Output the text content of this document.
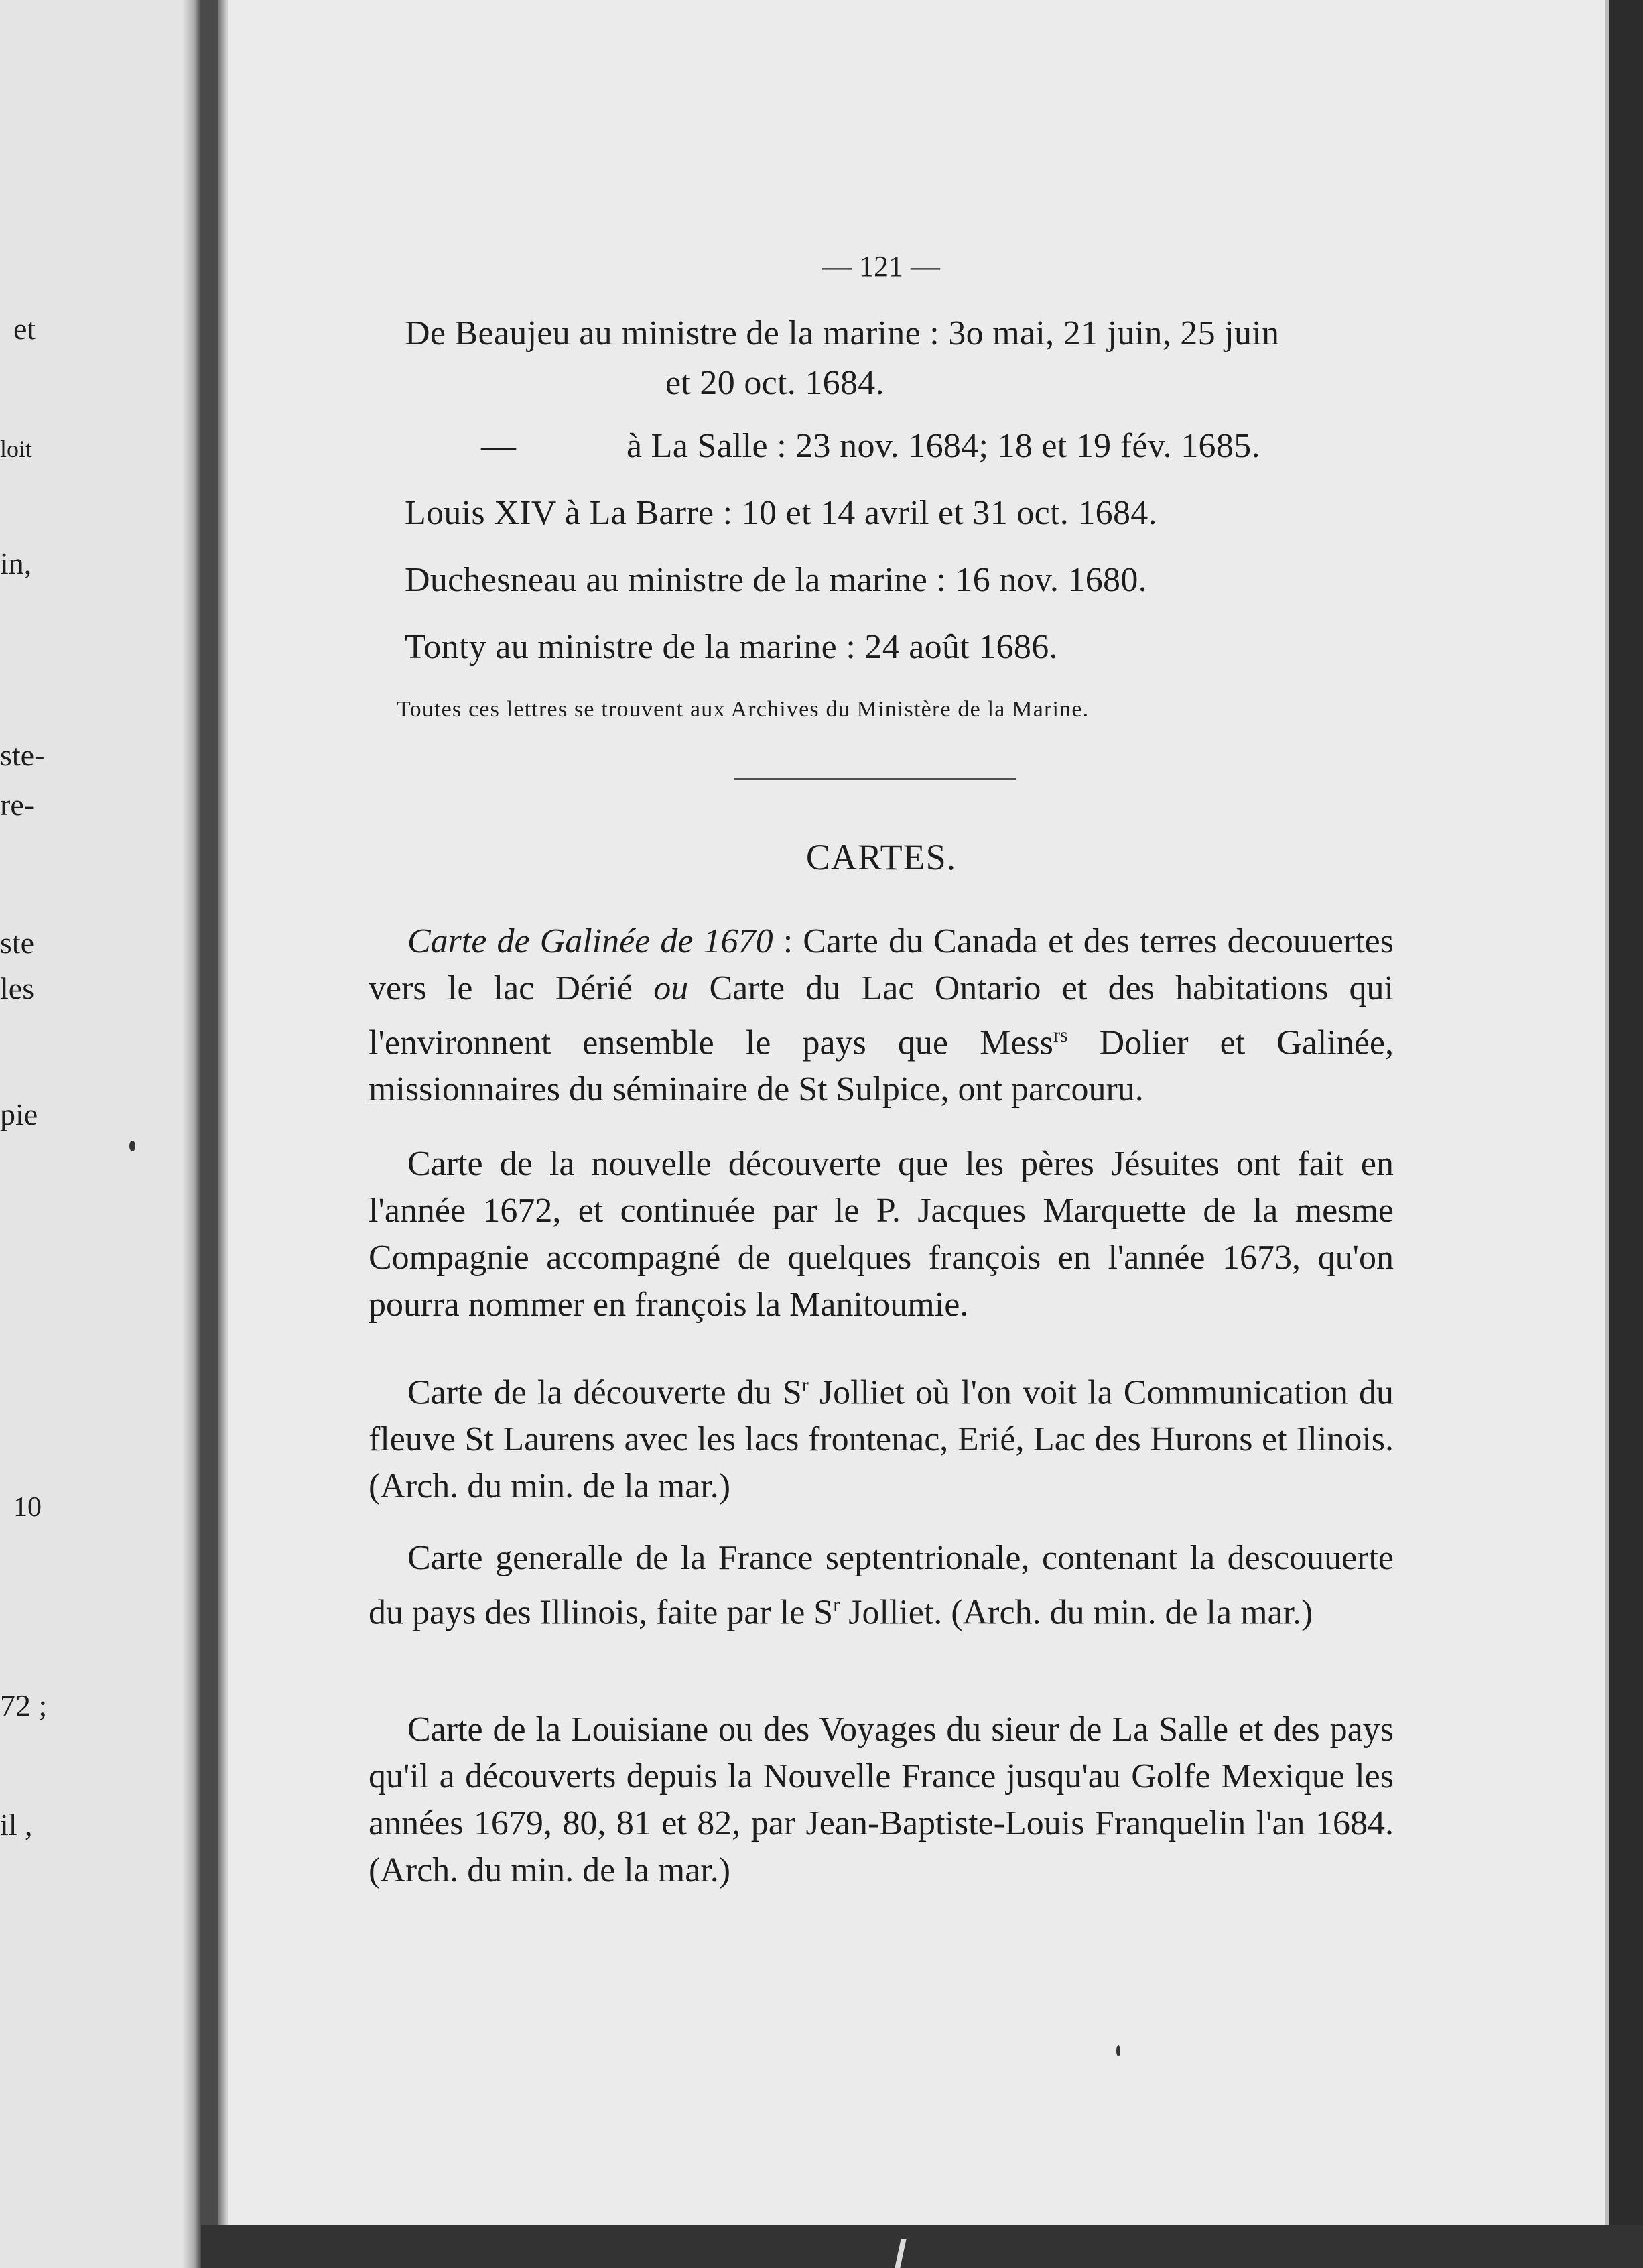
et
loit
in,
ste-
re-
ste
les
pie
10
72 ;
il ,
— 121 —
De Beaujeu au ministre de la marine : 3o mai, 21 juin, 25 juin
et 20 oct. 1684.
—	à La Salle : 23 nov. 1684; 18 et 19 fév. 1685.
Louis XIV à La Barre : 10 et 14 avril et 31 oct. 1684.
Duchesneau au ministre de la marine : 16 nov. 1680.
Tonty au ministre de la marine : 24 août 1686.
Toutes ces lettres se trouvent aux Archives du Ministère de la Marine.
CARTES.

Carte de Galinée de 1670 : Carte du Canada et des terres decouuertes vers le lac Dérié ou Carte du Lac Ontario et des habitations qui l'environnent ensemble le pays que Mess$^{rs}$ Dolier et Galinée, missionnaires du séminaire de St Sulpice, ont parcouru.

Carte de la nouvelle découverte que les pères Jésuites ont fait en l'année 1672, et continuée par le P. Jacques Marquette de la mesme Compagnie accompagné de quelques françois en l'année 1673, qu'on pourra nommer en françois la Manitoumie.

Carte de la découverte du $S^r$ Jolliet où l'on voit la Communication du fleuve St Laurens avec les lacs frontenac, Erié, Lac des Hurons et Ilinois. (Arch. du min. de la mar.)

Carte generalle de la France septentrionale, contenant la descouuerte du pays des Illinois, faite par le $S^r$ Jolliet. (Arch. du min. de la mar.)

Carte de la Louisiane ou des Voyages du sieur de La Salle et des pays qu'il a découverts depuis la Nouvelle France jusqu'au Golfe Mexique les années 1679, 80, 81 et 82, par Jean-Baptiste-Louis Franquelin l'an 1684. (Arch. du min. de la mar.)
